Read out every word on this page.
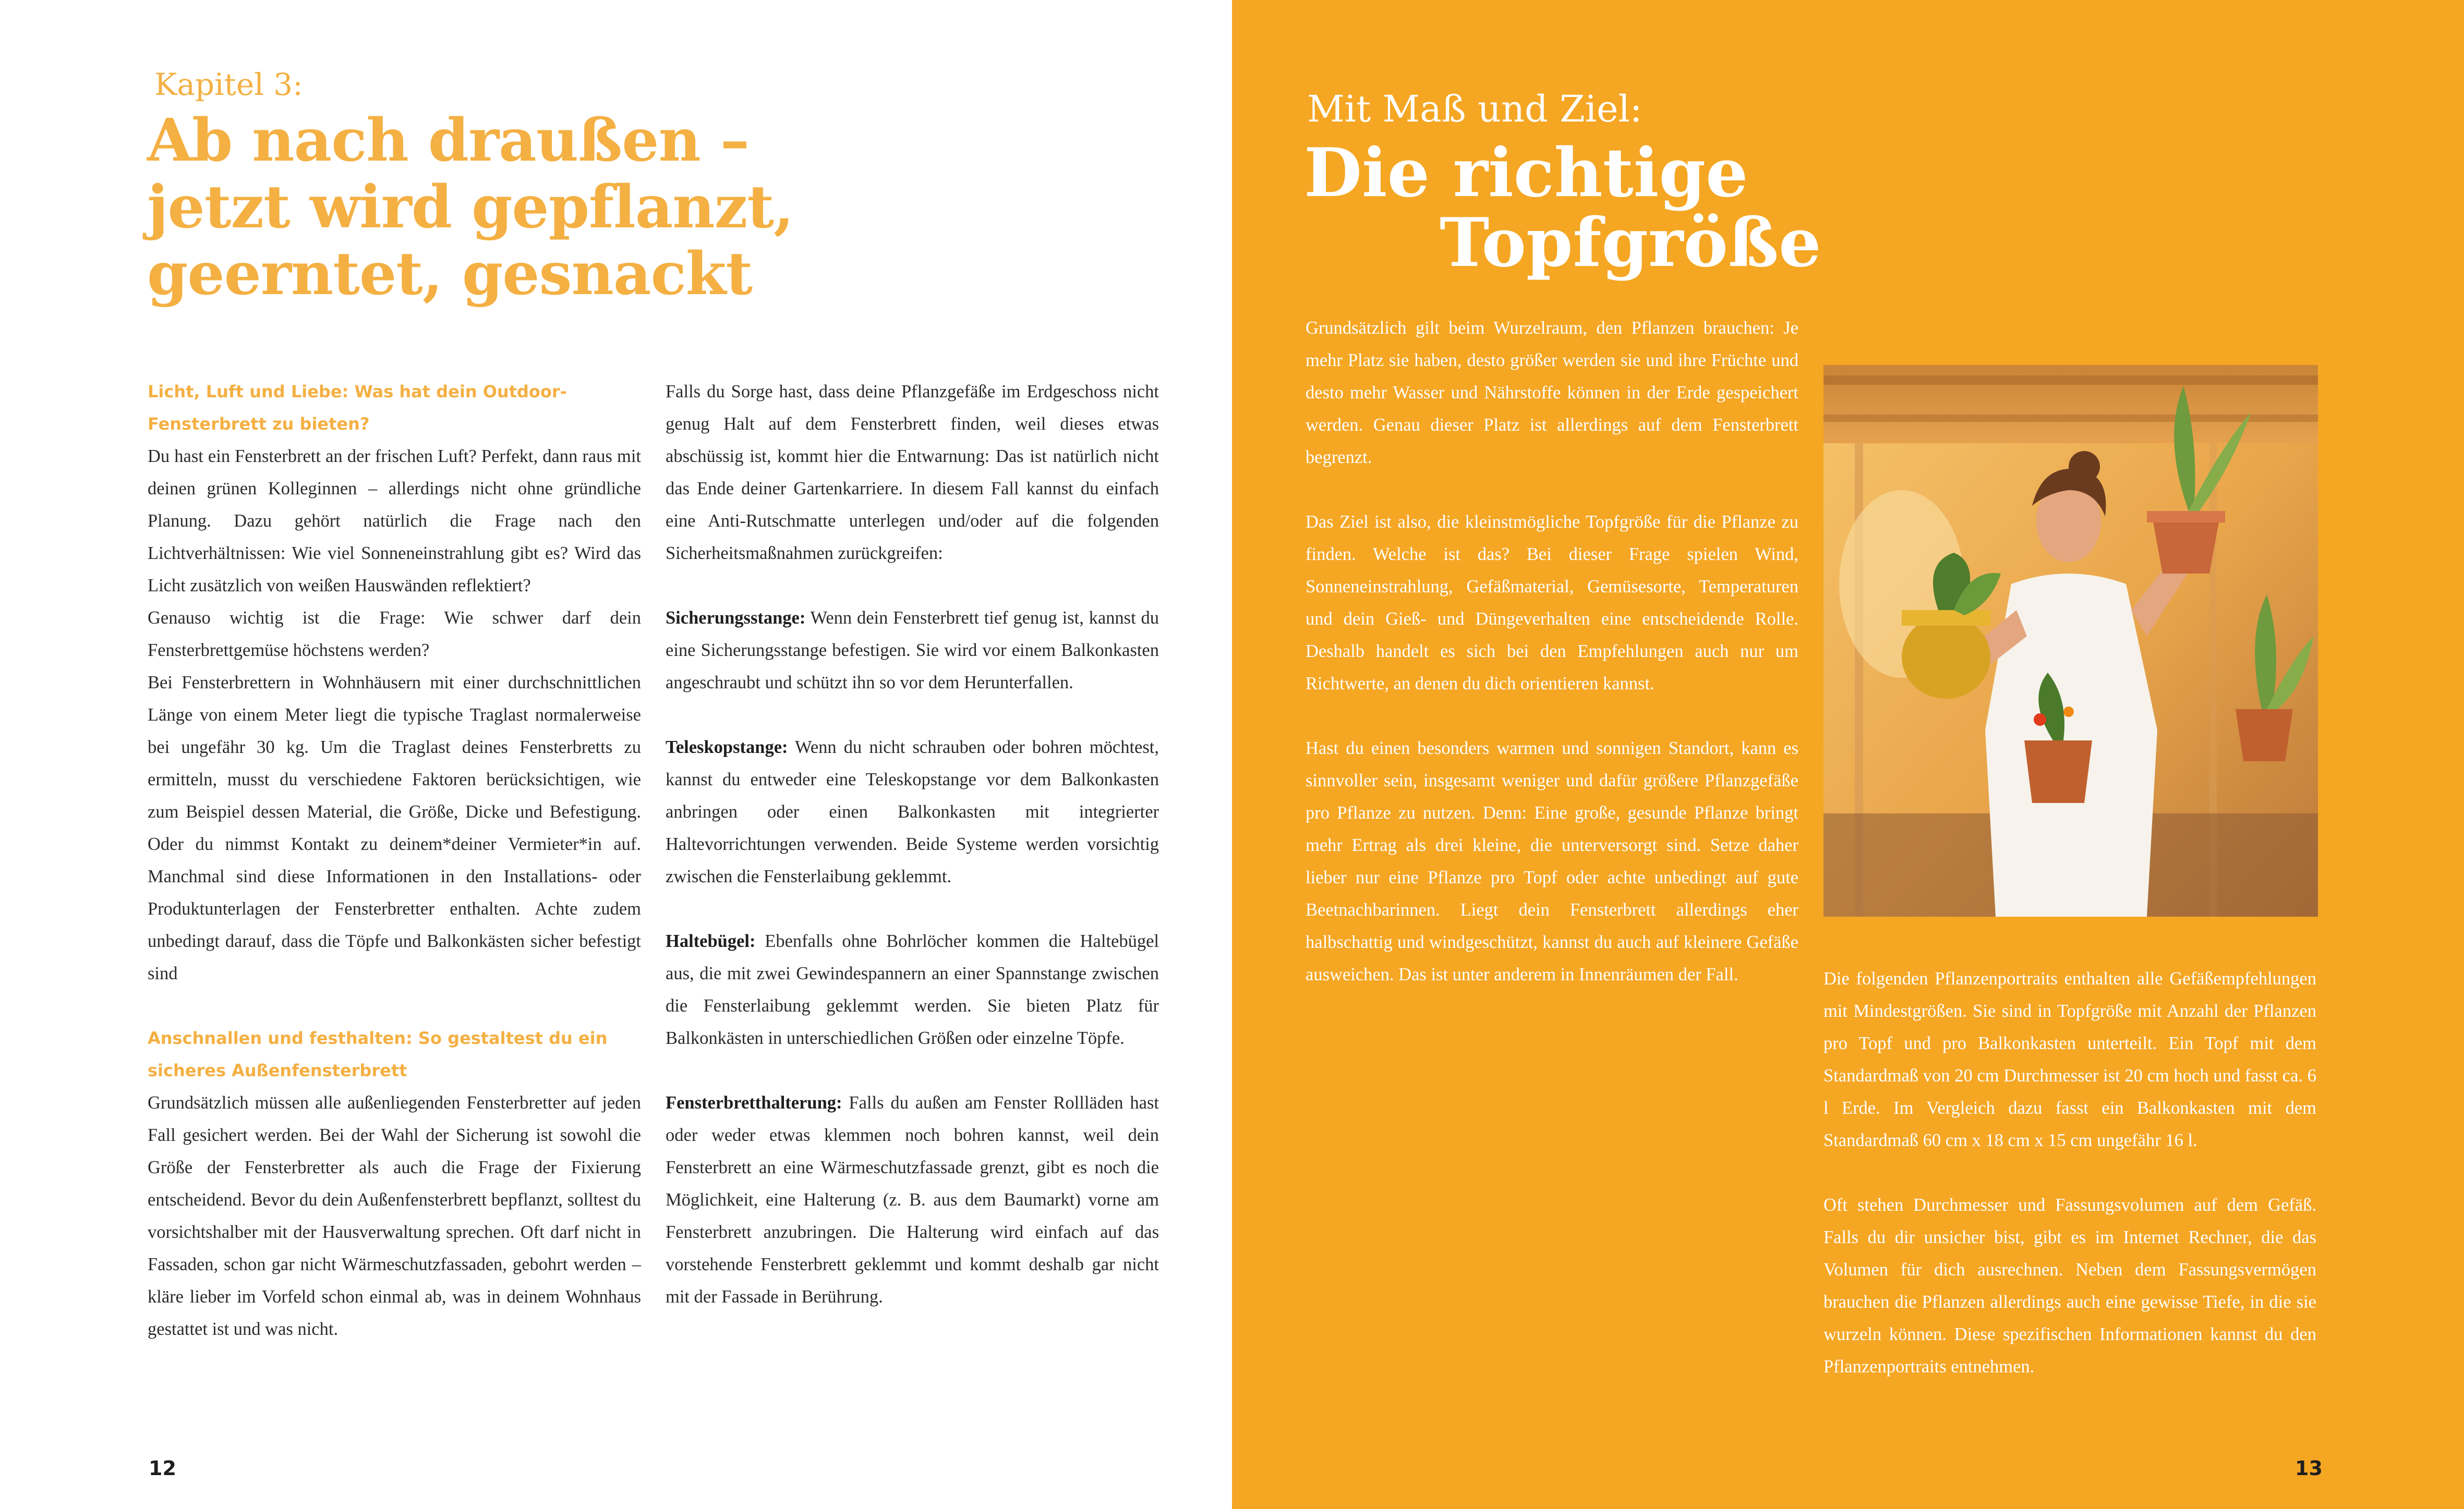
Kapitel 3:
Ab nach draußen –
jetzt wird gepflanzt,
geerntet, gesnackt

Licht, Luft und Liebe: Was hat dein Outdoor-Fensterbrett zu bieten?

Du hast ein Fensterbrett an der frischen Luft? Perfekt, dann raus mit deinen grünen Kolleginnen – allerdings nicht ohne gründliche Planung. Dazu gehört natürlich die Frage nach den Lichtverhältnissen: Wie viel Sonneneinstrahlung gibt es? Wird das Licht zusätzlich von weißen Hauswänden reflektiert?

Genauso wichtig ist die Frage: Wie schwer darf dein Fensterbrettgemüse höchstens werden?

Bei Fensterbrettern in Wohnhäusern mit einer durchschnittlichen Länge von einem Meter liegt die typische Traglast normalerweise bei ungefähr 30 kg. Um die Traglast deines Fensterbretts zu ermitteln, musst du verschiedene Faktoren berücksichtigen, wie zum Beispiel dessen Material, die Größe, Dicke und Befestigung. Oder du nimmst Kontakt zu deinem*deiner Vermieter*in auf. Manchmal sind diese Informationen in den Installations- oder Produktunterlagen der Fensterbretter enthalten. Achte zudem unbedingt darauf, dass die Töpfe und Balkonkästen sicher befestigt sind

Anschnallen und festhalten: So gestaltest du ein sicheres Außenfensterbrett

Grundsätzlich müssen alle außenliegenden Fensterbretter auf jeden Fall gesichert werden. Bei der Wahl der Sicherung ist sowohl die Größe der Fensterbretter als auch die Frage der Fixierung entscheidend. Bevor du dein Außenfensterbrett bepflanzt, solltest du vorsichtshalber mit der Hausverwaltung sprechen. Oft darf nicht in Fassaden, schon gar nicht Wärmeschutzfassaden, gebohrt werden – kläre lieber im Vorfeld schon einmal ab, was in deinem Wohnhaus gestattet ist und was nicht.

Falls du Sorge hast, dass deine Pflanzgefäße im Erdgeschoss nicht genug Halt auf dem Fensterbrett finden, weil dieses etwas abschüssig ist, kommt hier die Entwarnung: Das ist natürlich nicht das Ende deiner Gartenkarriere. In diesem Fall kannst du einfach eine Anti-Rutschmatte unterlegen und/oder auf die folgenden Sicherheitsmaßnahmen zurückgreifen:

Sicherungsstange: Wenn dein Fensterbrett tief genug ist, kannst du eine Sicherungsstange befestigen. Sie wird vor einem Balkonkasten angeschraubt und schützt ihn so vor dem Herunterfallen.

Teleskopstange: Wenn du nicht schrauben oder bohren möchtest, kannst du entweder eine Teleskopstange vor dem Balkonkasten anbringen oder einen Balkonkasten mit integrierter Haltevorrichtungen verwenden. Beide Systeme werden vorsichtig zwischen die Fensterlaibung geklemmt.

Haltebügel: Ebenfalls ohne Bohrlöcher kommen die Haltebügel aus, die mit zwei Gewindespannern an einer Spannstange zwischen die Fensterlaibung geklemmt werden. Sie bieten Platz für Balkonkästen in unterschiedlichen Größen oder einzelne Töpfe.

Fensterbretthalterung: Falls du außen am Fenster Rollläden hast oder weder etwas klemmen noch bohren kannst, weil dein Fensterbrett an eine Wärmeschutzfassade grenzt, gibt es noch die Möglichkeit, eine Halterung (z. B. aus dem Baumarkt) vorne am Fensterbrett anzubringen. Die Halterung wird einfach auf das vorstehende Fensterbrett geklemmt und kommt deshalb gar nicht mit der Fassade in Berührung.

12
Mit Maß und Ziel:
Die richtige
Topfgröße

Grundsätzlich gilt beim Wurzelraum, den Pflanzen brauchen: Je mehr Platz sie haben, desto größer werden sie und ihre Früchte und desto mehr Wasser und Nährstoffe können in der Erde gespeichert werden. Genau dieser Platz ist allerdings auf dem Fensterbrett begrenzt.

Das Ziel ist also, die kleinstmögliche Topfgröße für die Pflanze zu finden. Welche ist das? Bei dieser Frage spielen Wind, Sonneneinstrahlung, Gefäßmaterial, Gemüsesorte, Temperaturen und dein Gieß- und Düngeverhalten eine entscheidende Rolle. Deshalb handelt es sich bei den Empfehlungen auch nur um Richtwerte, an denen du dich orientieren kannst.

Hast du einen besonders warmen und sonnigen Standort, kann es sinnvoller sein, insgesamt weniger und dafür größere Pflanzgefäße pro Pflanze zu nutzen. Denn: Eine große, gesunde Pflanze bringt mehr Ertrag als drei kleine, die unterversorgt sind. Setze daher lieber nur eine Pflanze pro Topf oder achte unbedingt auf gute Beetnachbarinnen. Liegt dein Fensterbrett allerdings eher halbschattig und windgeschützt, kannst du auch auf kleinere Gefäße ausweichen. Das ist unter anderem in Innenräumen der Fall.	Die folgenden Pflanzenportraits enthalten alle Gefäßempfehlungen mit Mindestgrößen. Sie sind in Topfgröße mit Anzahl der Pflanzen pro Topf und pro Balkonkasten unterteilt. Ein Topf mit dem Standardmaß von 20 cm Durchmesser ist 20 cm hoch und fasst ca. 6 l Erde. Im Vergleich dazu fasst ein Balkonkasten mit dem Standardmaß 60 cm x 18 cm x 15 cm ungefähr 16 l.

Oft stehen Durchmesser und Fassungsvolumen auf dem Gefäß. Falls du dir unsicher bist, gibt es im Internet Rechner, die das Volumen für dich ausrechnen. Neben dem Fassungsvermögen brauchen die Pflanzen allerdings auch eine gewisse Tiefe, in die sie wurzeln können. Diese spezifischen Informationen kannst du den Pflanzenportraits entnehmen.

13
